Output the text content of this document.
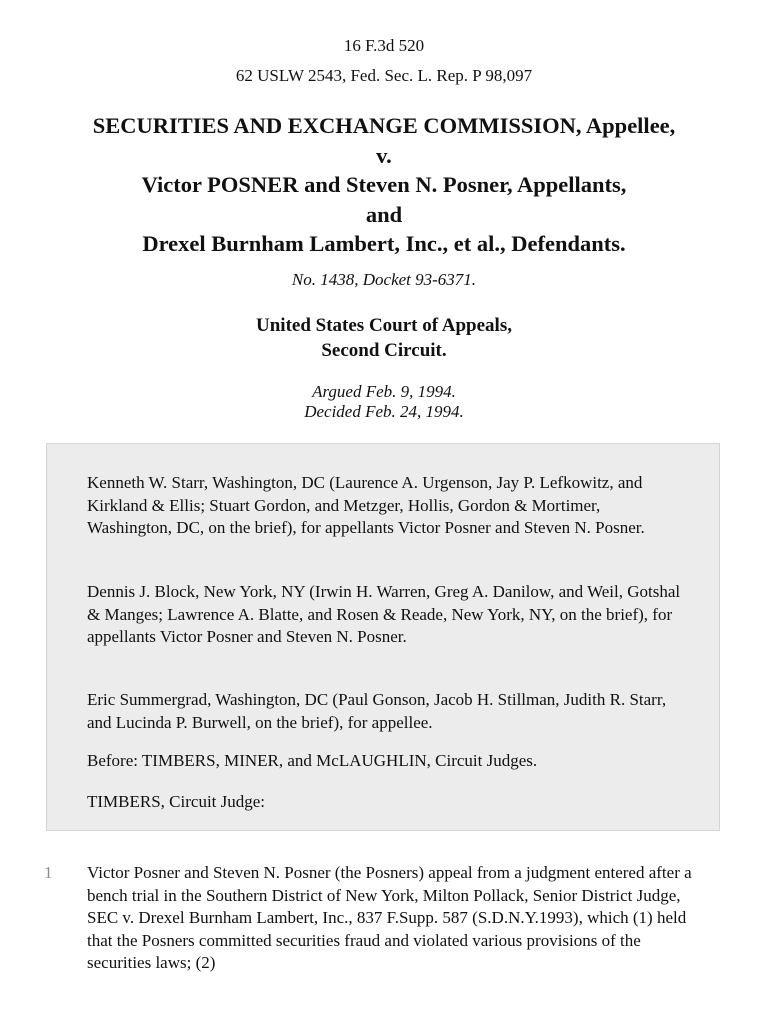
16 F.3d 520
62 USLW 2543, Fed. Sec. L. Rep. P 98,097
SECURITIES AND EXCHANGE COMMISSION, Appellee,
v.
Victor POSNER and Steven N. Posner, Appellants,
and
Drexel Burnham Lambert, Inc., et al., Defendants.
No. 1438, Docket 93-6371.
United States Court of Appeals,
Second Circuit.
Argued Feb. 9, 1994.
Decided Feb. 24, 1994.

Kenneth W. Starr, Washington, DC (Laurence A. Urgenson, Jay P. Lefkowitz, and Kirkland & Ellis; Stuart Gordon, and Metzger, Hollis, Gordon & Mortimer, Washington, DC, on the brief), for appellants Victor Posner and Steven N. Posner.

Dennis J. Block, New York, NY (Irwin H. Warren, Greg A. Danilow, and Weil, Gotshal & Manges; Lawrence A. Blatte, and Rosen & Reade, New York, NY, on the brief), for appellants Victor Posner and Steven N. Posner.

Eric Summergrad, Washington, DC (Paul Gonson, Jacob H. Stillman, Judith R. Starr, and Lucinda P. Burwell, on the brief), for appellee.

Before: TIMBERS, MINER, and McLAUGHLIN, Circuit Judges.

TIMBERS, Circuit Judge:

1 Victor Posner and Steven N. Posner (the Posners) appeal from a judgment entered after a bench trial in the Southern District of New York, Milton Pollack, Senior District Judge, SEC v. Drexel Burnham Lambert, Inc., 837 F.Supp. 587 (S.D.N.Y.1993), which (1) held that the Posners committed securities fraud and violated various provisions of the securities laws; (2)
